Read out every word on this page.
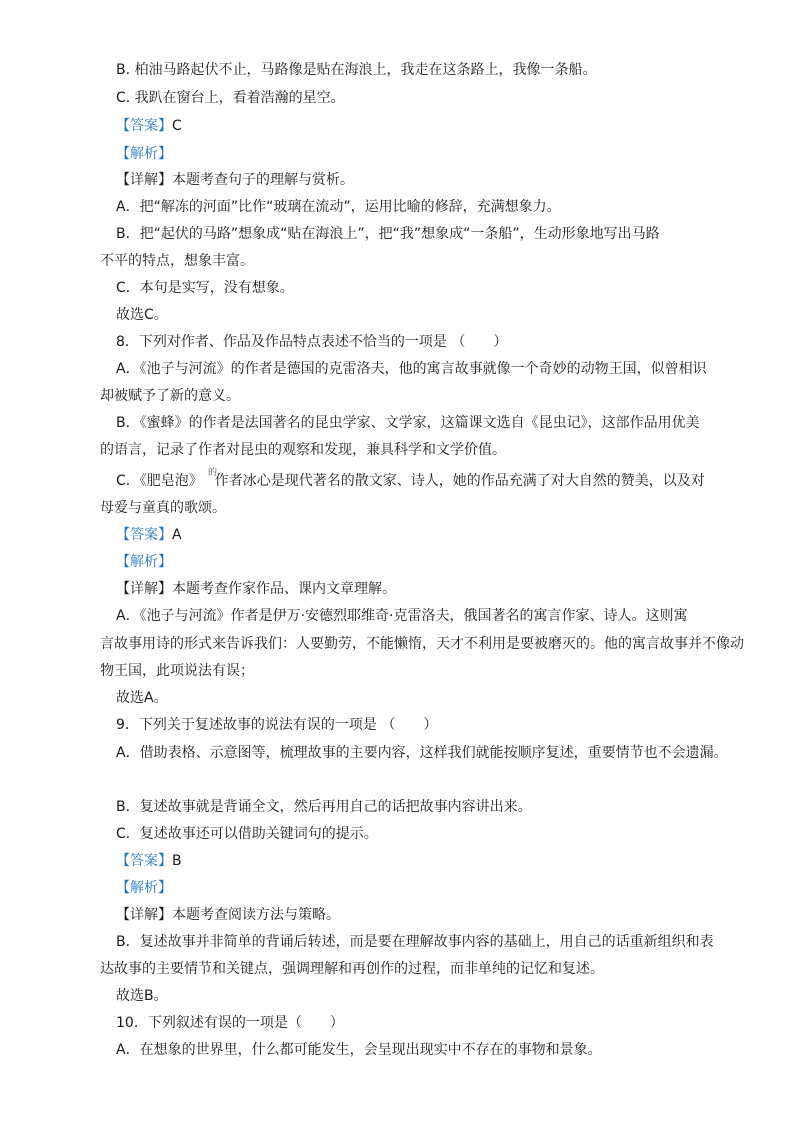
B. 柏油马路起伏不止，马路像是贴在海浪上，我走在这条路上，我像一条船。
C. 我趴在窗台上，看着浩瀚的星空。
【答案】C
【解析】
【详解】本题考查句子的理解与赏析。
A．把“解冻的河面”比作“玻璃在流动”，运用比喻的修辞，充满想象力。
B．把“起伏的马路”想象成“贴在海浪上”，把“我”想象成“一条船”，生动形象地写出马路
不平的特点，想象丰富。
C．本句是实写，没有想象。
故选C。
8．下列对作者、作品及作品特点表述不恰当的一项是 （　　）
A．《池子与河流》的作者是德国的克雷洛夫，他的寓言故事就像一个奇妙的动物王国，似曾相识
却被赋予了新的意义。
B．《蜜蜂》的作者是法国著名的昆虫学家、文学家，这篇课文选自《昆虫记》，这部作品用优美
的语言，记录了作者对昆虫的观察和发现，兼具科学和文学价值。
C．《肥皂泡》 作者冰心是现代著名的散文家、诗人，她的作品充满了对大自然的赞美，以及对
的
母爱与童真的歌颂。
【答案】A
【解析】
【详解】本题考查作家作品、课内文章理解。
A．《池子与河流》作者是伊万·安德烈耶维奇·克雷洛夫，俄国著名的寓言作家、诗人。这则寓
言故事用诗的形式来告诉我们：人要勤劳，不能懒惰，天才不利用是要被磨灭的。他的寓言故事并不像动
物王国，此项说法有误；
故选A。
9．下列关于复述故事的说法有误的一项是 （　　）
A．借助表格、示意图等，梳理故事的主要内容，这样我们就能按顺序复述，重要情节也不会遗漏。
B．复述故事就是背诵全文，然后再用自己的话把故事内容讲出来。
C．复述故事还可以借助关键词句的提示。
【答案】B
【解析】
【详解】本题考查阅读方法与策略。
B．复述故事并非简单的背诵后转述，而是要在理解故事内容的基础上，用自己的话重新组织和表
达故事的主要情节和关键点，强调理解和再创作的过程，而非单纯的记忆和复述。
故选B。
10．下列叙述有误的一项是（　　）
A．在想象的世界里，什么都可能发生，会呈现出现实中不存在的事物和景象。
